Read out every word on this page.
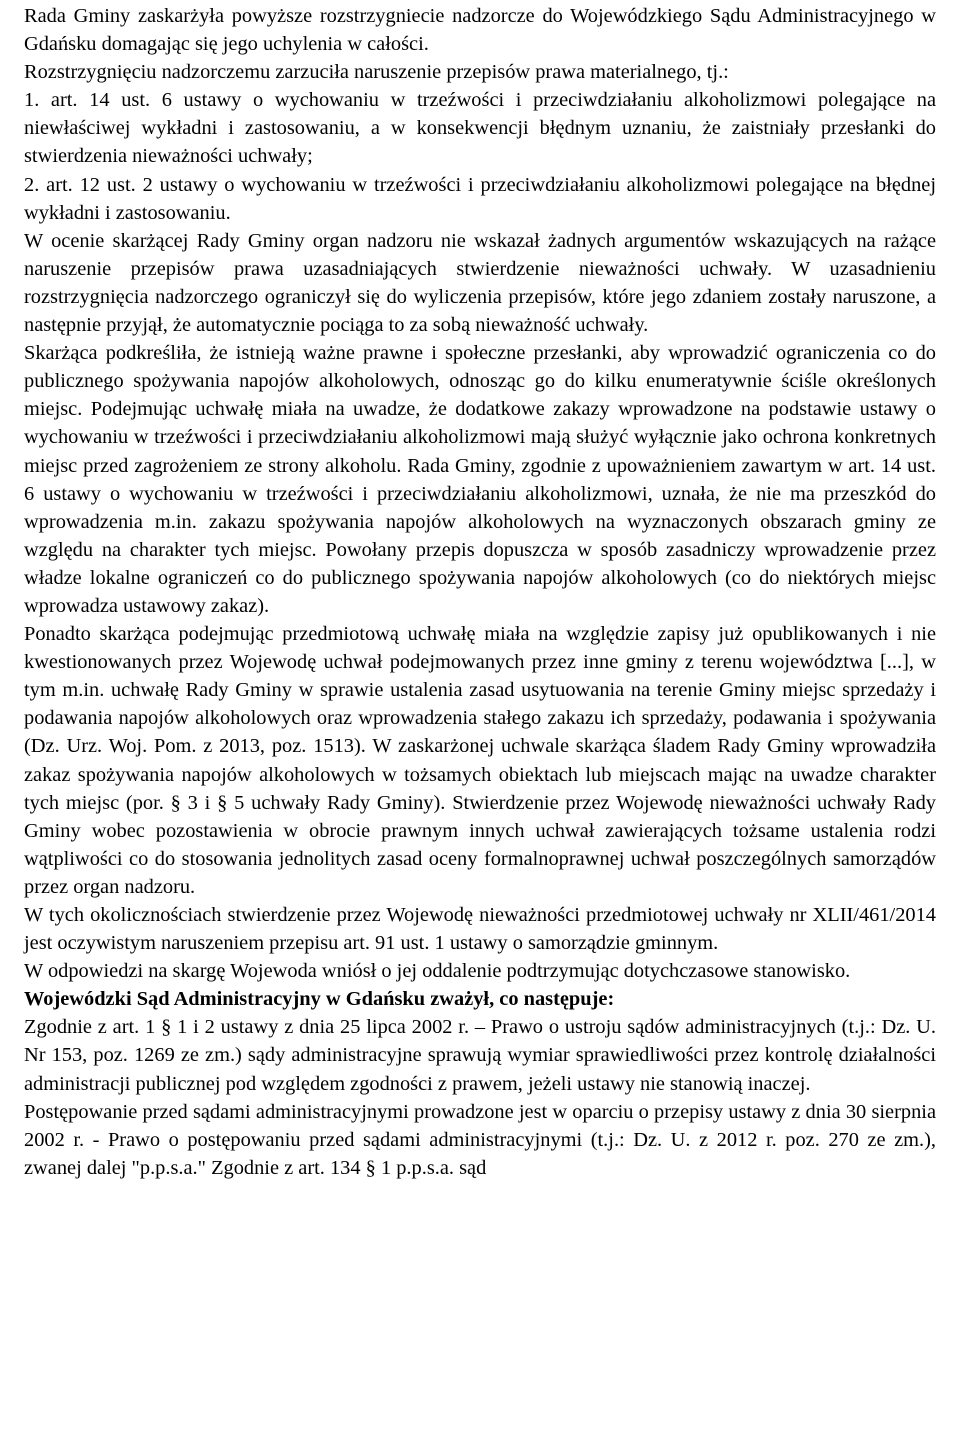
Rada Gminy zaskarżyła powyższe rozstrzygniecie nadzorcze do Wojewódzkiego Sądu Administracyjnego w Gdańsku domagając się jego uchylenia w całości.

Rozstrzygnięciu nadzorczemu zarzuciła naruszenie przepisów prawa materialnego, tj.:

1. art. 14 ust. 6 ustawy o wychowaniu w trzeźwości i przeciwdziałaniu alkoholizmowi polegające na niewłaściwej wykładni i zastosowaniu, a w konsekwencji błędnym uznaniu, że zaistniały przesłanki do stwierdzenia nieważności uchwały;

2. art. 12 ust. 2 ustawy o wychowaniu w trzeźwości i przeciwdziałaniu alkoholizmowi polegające na błędnej wykładni i zastosowaniu.

W ocenie skarżącej Rady Gminy organ nadzoru nie wskazał żadnych argumentów wskazujących na rażące naruszenie przepisów prawa uzasadniających stwierdzenie nieważności uchwały. W uzasadnieniu rozstrzygnięcia nadzorczego ograniczył się do wyliczenia przepisów, które jego zdaniem zostały naruszone, a następnie przyjął, że automatycznie pociąga to za sobą nieważność uchwały.

Skarżąca podkreśliła, że istnieją ważne prawne i społeczne przesłanki, aby wprowadzić ograniczenia co do publicznego spożywania napojów alkoholowych, odnosząc go do kilku enumeratywnie ściśle określonych miejsc. Podejmując uchwałę miała na uwadze, że dodatkowe zakazy wprowadzone na podstawie ustawy o wychowaniu w trzeźwości i przeciwdziałaniu alkoholizmowi mają służyć wyłącznie jako ochrona konkretnych miejsc przed zagrożeniem ze strony alkoholu. Rada Gminy, zgodnie z upoważnieniem zawartym w art. 14 ust. 6 ustawy o wychowaniu w trzeźwości i przeciwdziałaniu alkoholizmowi, uznała, że nie ma przeszkód do wprowadzenia m.in. zakazu spożywania napojów alkoholowych na wyznaczonych obszarach gminy ze względu na charakter tych miejsc. Powołany przepis dopuszcza w sposób zasadniczy wprowadzenie przez władze lokalne ograniczeń co do publicznego spożywania napojów alkoholowych (co do niektórych miejsc wprowadza ustawowy zakaz).

Ponadto skarżąca podejmując przedmiotową uchwałę miała na względzie zapisy już opublikowanych i nie kwestionowanych przez Wojewodę uchwał podejmowanych przez inne gminy z terenu województwa [...], w tym m.in. uchwałę Rady Gminy w sprawie ustalenia zasad usytuowania na terenie Gminy miejsc sprzedaży i podawania napojów alkoholowych oraz wprowadzenia stałego zakazu ich sprzedaży, podawania i spożywania (Dz. Urz. Woj. Pom. z 2013, poz. 1513). W zaskarżonej uchwale skarżąca śladem Rady Gminy wprowadziła zakaz spożywania napojów alkoholowych w tożsamych obiektach lub miejscach mając na uwadze charakter tych miejsc (por. § 3 i § 5 uchwały Rady Gminy). Stwierdzenie przez Wojewodę nieważności uchwały Rady Gminy wobec pozostawienia w obrocie prawnym innych uchwał zawierających tożsame ustalenia rodzi wątpliwości co do stosowania jednolitych zasad oceny formalnoprawnej uchwał poszczególnych samorządów przez organ nadzoru.

W tych okolicznościach stwierdzenie przez Wojewodę nieważności przedmiotowej uchwały nr XLII/461/2014 jest oczywistym naruszeniem przepisu art. 91 ust. 1 ustawy o samorządzie gminnym.

W odpowiedzi na skargę Wojewoda wniósł o jej oddalenie podtrzymując dotychczasowe stanowisko.

Wojewódzki Sąd Administracyjny w Gdańsku zważył, co następuje:

Zgodnie z art. 1 § 1 i 2 ustawy z dnia 25 lipca 2002 r. – Prawo o ustroju sądów administracyjnych (t.j.: Dz. U. Nr 153, poz. 1269 ze zm.) sądy administracyjne sprawują wymiar sprawiedliwości przez kontrolę działalności administracji publicznej pod względem zgodności z prawem, jeżeli ustawy nie stanowią inaczej.

Postępowanie przed sądami administracyjnymi prowadzone jest w oparciu o przepisy ustawy z dnia 30 sierpnia 2002 r. - Prawo o postępowaniu przed sądami administracyjnymi (t.j.: Dz. U. z 2012 r. poz. 270 ze zm.), zwanej dalej "p.p.s.a." Zgodnie z art. 134 § 1 p.p.s.a. sąd
